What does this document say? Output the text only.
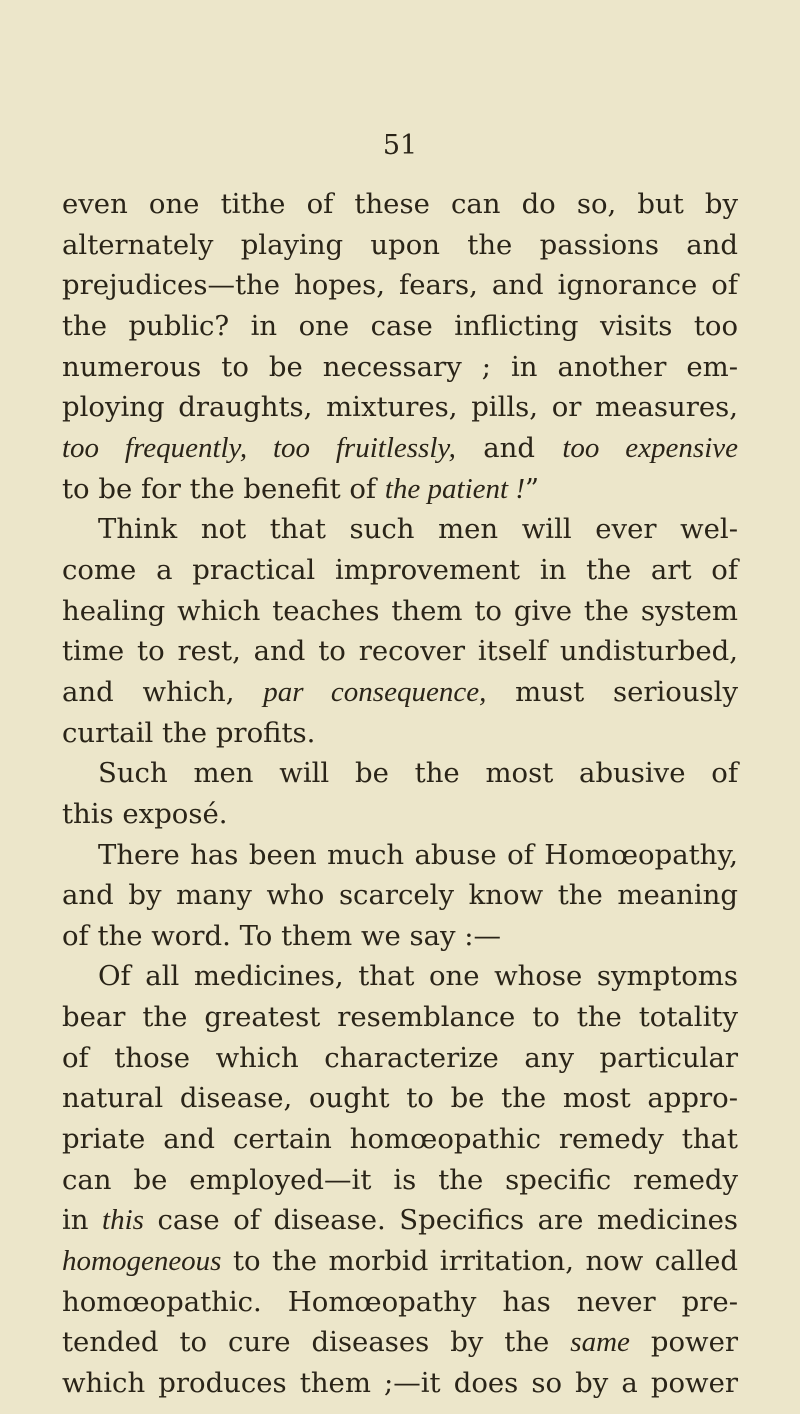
51
even one tithe of these can do so, but by
alternately playing upon the passions and
prejudices—the hopes, fears, and ignorance of
the public? in one case inflicting visits too
numerous to be necessary ; in another em-
ploying draughts, mixtures, pills, or measures,
too frequently, too fruitlessly, and too expensive
to be for the benefit of the patient !”
Think not that such men will ever wel-
come a practical improvement in the art of
healing which teaches them to give the system
time to rest, and to recover itself undisturbed,
and which, par consequence, must seriously
curtail the profits.
Such men will be the most abusive of
this exposé.
There has been much abuse of Homœopathy,
and by many who scarcely know the meaning
of the word. To them we say :—
Of all medicines, that one whose symptoms
bear the greatest resemblance to the totality
of those which characterize any particular
natural disease, ought to be the most appro-
priate and certain homœopathic remedy that
can be employed—it is the specific remedy
in this case of disease. Specifics are medicines
homogeneous to the morbid irritation, now called
homœopathic. Homœopathy has never pre-
tended to cure diseases by the same power
which produces them ;—it does so by a power
